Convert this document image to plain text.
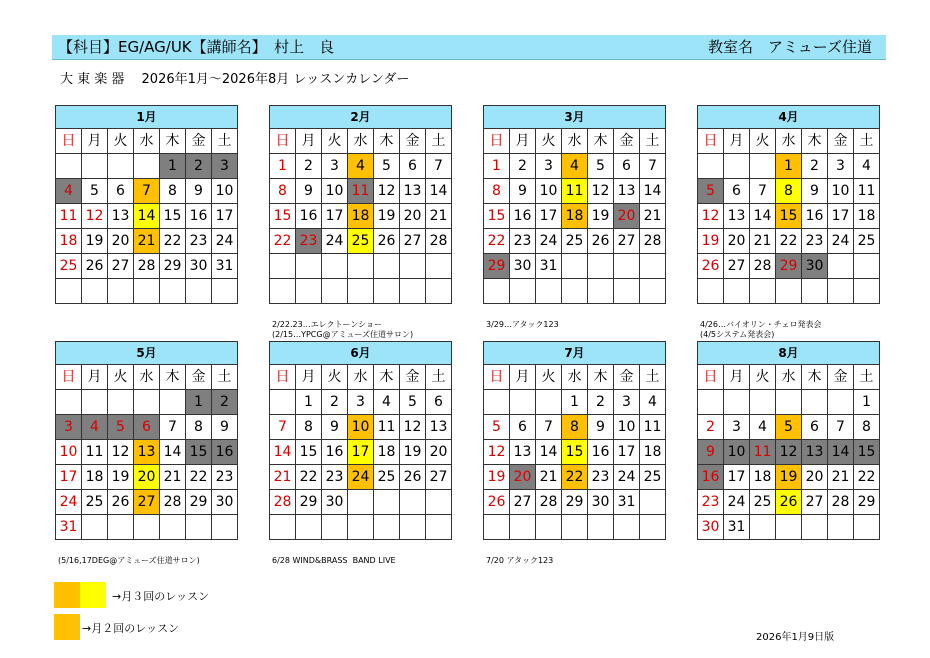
【科目】EG/AG/UK【講師名】　村上　良	教室名　アミューズ住道
大 東 楽 器　 2026年1月～2026年8月 レッスンカレンダー
1月						
日	月	火	水	木	金	土
				1	2	3
4	5	6	7	8	9	10
11	12	13	14	15	16	17
18	19	20	21	22	23	24
25	26	27	28	29	30	31

2月						
日	月	火	水	木	金	土
1	2	3	4	5	6	7
8	9	10	11	12	13	14
15	16	17	18	19	20	21
22	23	24	25	26	27	28

2/22.23…エレクトーンショー
(2/15…YPCG@アミューズ住道サロン)
3月						
日	月	火	水	木	金	土
1	2	3	4	5	6	7
8	9	10	11	12	13	14
15	16	17	18	19	20	21
22	23	24	25	26	27	28
29	30	31				

3/29…アタック123
4月						
日	月	火	水	木	金	土
			1	2	3	4
5	6	7	8	9	10	11
12	13	14	15	16	17	18
19	20	21	22	23	24	25
26	27	28	29	30		

4/26…バイオリン・チェロ発表会
(4/5システム発表会)
5月						
日	月	火	水	木	金	土
					1	2
3	4	5	6	7	8	9
10	11	12	13	14	15	16
17	18	19	20	21	22	23
24	25	26	27	28	29	30
31						
(5/16,17DEG@アミューズ住道サロン)
6月						
日	月	火	水	木	金	土
	1	2	3	4	5	6
7	8	9	10	11	12	13
14	15	16	17	18	19	20
21	22	23	24	25	26	27
28	29	30				

6/28 WIND&BRASS  BAND LIVE
7月						
日	月	火	水	木	金	土
			1	2	3	4
5	6	7	8	9	10	11
12	13	14	15	16	17	18
19	20	21	22	23	24	25
26	27	28	29	30	31	

7/20 アタック123
8月						
日	月	火	水	木	金	土
						1
2	3	4	5	6	7	8
9	10	11	12	13	14	15
16	17	18	19	20	21	22
23	24	25	26	27	28	29
30	31					
→月３回のレッスン
→月２回のレッスン
2026年1月9日版
